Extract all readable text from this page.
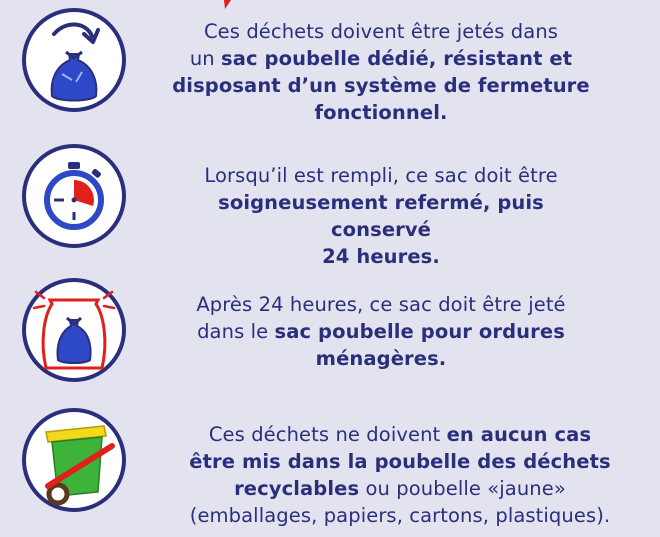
Ces déchets doivent être jetés dans
un sac poubelle dédié, résistant et
disposant d’un système de fermeture
fonctionnel.
Lorsqu’il est rempli, ce sac doit être
soigneusement refermé, puis conservé
24 heures.
Après 24 heures, ce sac doit être jeté
dans le sac poubelle pour ordures
ménagères.
Ces déchets ne doivent en aucun cas
être mis dans la poubelle des déchets
recyclables ou poubelle «jaune»
(emballages, papiers, cartons, plastiques).
